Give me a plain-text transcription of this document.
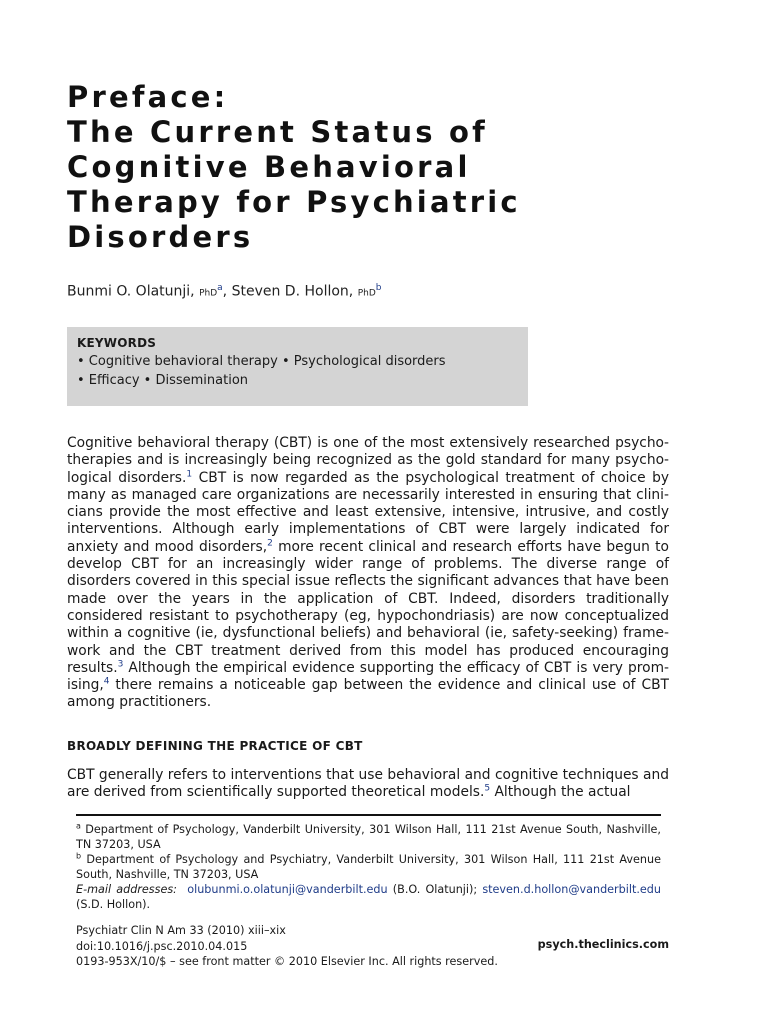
Preface:
The Current Status of
Cognitive Behavioral
Therapy for Psychiatric
Disorders
Bunmi O. Olatunji, PhD$^a$, Steven D. Hollon, PhD$^b$
KEYWORDS
• Cognitive behavioral therapy • Psychological disorders
• Efficacy • Dissemination

Cognitive behavioral therapy (CBT) is one of the most extensively researched psychotherapies and is increasingly being recognized as the gold standard for many psychological disorders.$^1$ CBT is now regarded as the psychological treatment of choice by many as managed care organizations are necessarily interested in ensuring that clinicians provide the most effective and least extensive, intensive, intrusive, and costly interventions. Although early implementations of CBT were largely indicated for anxiety and mood disorders,$^2$ more recent clinical and research efforts have begun to develop CBT for an increasingly wider range of problems. The diverse range of disorders covered in this special issue reflects the significant advances that have been made over the years in the application of CBT. Indeed, disorders traditionally considered resistant to psychotherapy (eg, hypochondriasis) are now conceptualized within a cognitive (ie, dysfunctional beliefs) and behavioral (ie, safety-seeking) framework and the CBT treatment derived from this model has produced encouraging results.$^3$ Although the empirical evidence supporting the efficacy of CBT is very promising,$^4$ there remains a noticeable gap between the evidence and clinical use of CBT among practitioners.

BROADLY DEFINING THE PRACTICE OF CBT

CBT generally refers to interventions that use behavioral and cognitive techniques and are derived from scientifically supported theoretical models.$^5$ Although the actual

$^a$ Department of Psychology, Vanderbilt University, 301 Wilson Hall, 111 21st Avenue South, Nashville, TN 37203, USA

$^b$ Department of Psychology and Psychiatry, Vanderbilt University, 301 Wilson Hall, 111 21st Avenue South, Nashville, TN 37203, USA

E-mail addresses: olubunmi.o.olatunji@vanderbilt.edu (B.O. Olatunji); steven.d.hollon@vanderbilt.edu (S.D. Hollon).

Psychiatr Clin N Am 33 (2010) xiii–xix
doi:10.1016/j.psc.2010.04.015
0193-953X/10/$ – see front matter © 2010 Elsevier Inc. All rights reserved.
psych.theclinics.com
